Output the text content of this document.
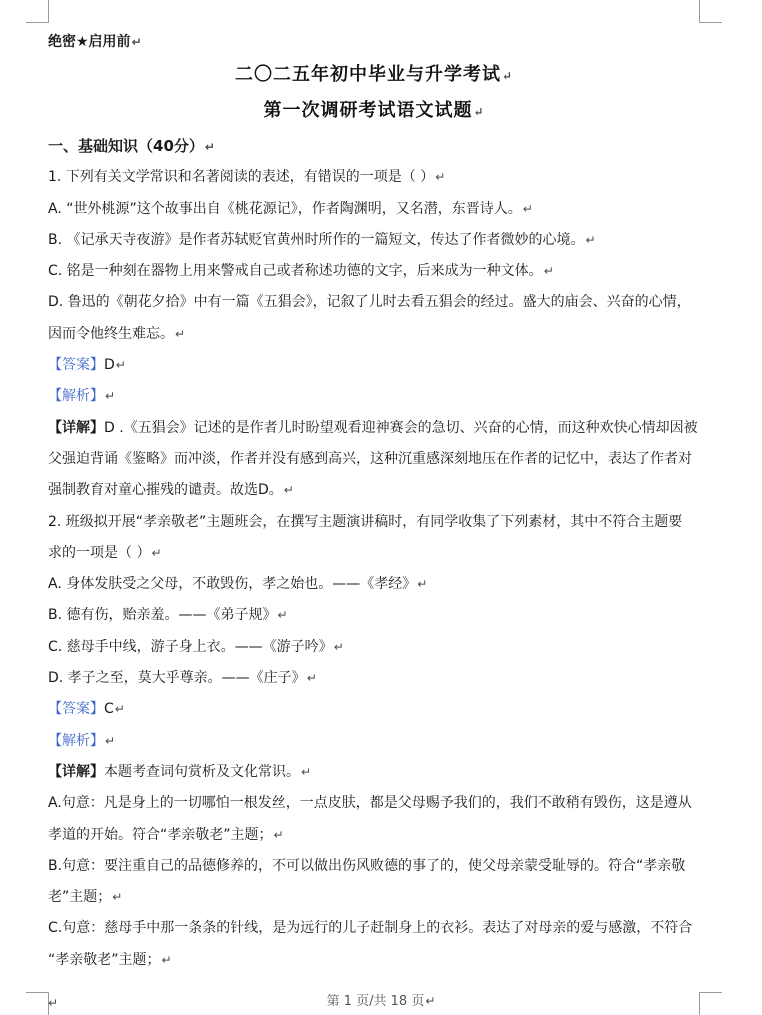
绝密★启用前↵
二〇二五年初中毕业与升学考试↵
第一次调研考试语文试题↵
一、基础知识（40分）↵
1. 下列有关文学常识和名著阅读的表述，有错误的一项是（ ）↵
A. “世外桃源”这个故事出自《桃花源记》，作者陶渊明，又名潜，东晋诗人。↵
B. 《记承天寺夜游》是作者苏轼贬官黄州时所作的一篇短文，传达了作者微妙的心境。↵
C. 铭是一种刻在器物上用来警戒自己或者称述功德的文字，后来成为一种文体。↵
D. 鲁迅的《朝花夕拾》中有一篇《五猖会》，记叙了儿时去看五猖会的经过。盛大的庙会、兴奋的心情，
因而令他终生难忘。↵
【答案】D↵
【解析】↵
【详解】D .《五猖会》记述的是作者儿时盼望观看迎神赛会的急切、兴奋的心情，而这种欢快心情却因被
父强迫背诵《鉴略》而冲淡，作者并没有感到高兴，这种沉重感深刻地压在作者的记忆中，表达了作者对
强制教育对童心摧残的谴责。故选D。↵
2. 班级拟开展“孝亲敬老”主题班会，在撰写主题演讲稿时，有同学收集了下列素材，其中不符合主题要
求的一项是（ ）↵
A. 身体发肤受之父母，不敢毁伤，孝之始也。——《孝经》↵
B. 德有伤，贻亲羞。——《弟子规》↵
C. 慈母手中线，游子身上衣。——《游子吟》↵
D. 孝子之至，莫大乎尊亲。——《庄子》↵
【答案】C↵
【解析】↵
【详解】本题考查词句赏析及文化常识。↵
A.句意：凡是身上的一切哪怕一根发丝，一点皮肤，都是父母赐予我们的，我们不敢稍有毁伤，这是遵从
孝道的开始。符合“孝亲敬老”主题；↵
B.句意：要注重自己的品德修养的，不可以做出伤风败德的事了的，使父母亲蒙受耻辱的。符合“孝亲敬
老”主题；↵
C.句意：慈母手中那一条条的针线，是为远行的儿子赶制身上的衣衫。表达了对母亲的爱与感激，不符合
“孝亲敬老”主题；↵
第 1 页/共 18 页↵
↵
